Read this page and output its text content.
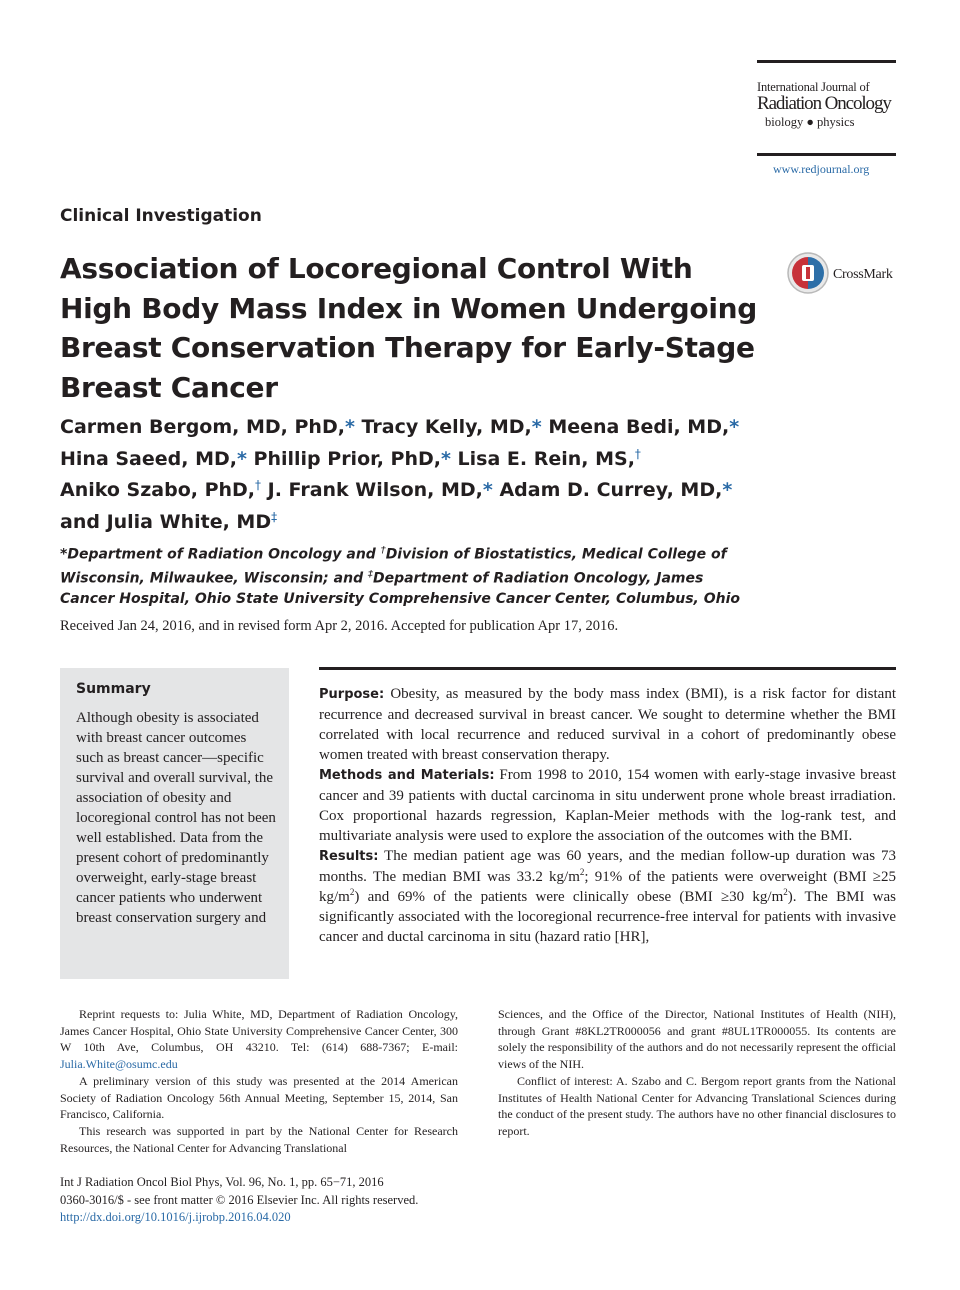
International Journal of
Radiation Oncology
biology ● physics
www.redjournal.org
Clinical Investigation
Association of Locoregional Control With High Body Mass Index in Women Undergoing Breast Conservation Therapy for Early-Stage Breast Cancer
CrossMark

Carmen Bergom, MD, PhD,* Tracy Kelly, MD,* Meena Bedi, MD,*
Hina Saeed, MD,* Phillip Prior, PhD,* Lisa E. Rein, MS,†
Aniko Szabo, PhD,† J. Frank Wilson, MD,* Adam D. Currey, MD,*
and Julia White, MD‡

*Department of Radiation Oncology and †Division of Biostatistics, Medical College of Wisconsin, Milwaukee, Wisconsin; and ‡Department of Radiation Oncology, James Cancer Hospital, Ohio State University Comprehensive Cancer Center, Columbus, Ohio

Received Jan 24, 2016, and in revised form Apr 2, 2016. Accepted for publication Apr 17, 2016.
Summary

Although obesity is associated with breast cancer outcomes such as breast cancer—specific survival and overall survival, the association of obesity and locoregional control has not been well established. Data from the present cohort of predominantly overweight, early-stage breast cancer patients who underwent breast conservation surgery and

Purpose: Obesity, as measured by the body mass index (BMI), is a risk factor for distant recurrence and decreased survival in breast cancer. We sought to determine whether the BMI correlated with local recurrence and reduced survival in a cohort of predominantly obese women treated with breast conservation therapy.

Methods and Materials: From 1998 to 2010, 154 women with early-stage invasive breast cancer and 39 patients with ductal carcinoma in situ underwent prone whole breast irradiation. Cox proportional hazards regression, Kaplan-Meier methods with the log-rank test, and multivariate analysis were used to explore the association of the outcomes with the BMI.

Results: The median patient age was 60 years, and the median follow-up duration was 73 months. The median BMI was 33.2 $kg/m^2$; 91% of the patients were overweight (BMI ≥25 $kg/m^2$) and 69% of the patients were clinically obese (BMI ≥30 $kg/m^2$). The BMI was significantly associated with the locoregional recurrence-free interval for patients with invasive cancer and ductal carcinoma in situ (hazard ratio [HR],

Reprint requests to: Julia White, MD, Department of Radiation Oncology, James Cancer Hospital, Ohio State University Comprehensive Cancer Center, 300 W 10th Ave, Columbus, OH 43210. Tel: (614) 688-7367; E-mail: Julia.White@osumc.edu

A preliminary version of this study was presented at the 2014 American Society of Radiation Oncology 56th Annual Meeting, September 15, 2014, San Francisco, California.

This research was supported in part by the National Center for Research Resources, the National Center for Advancing Translational

Sciences, and the Office of the Director, National Institutes of Health (NIH), through Grant #8KL2TR000056 and grant #8UL1TR000055. Its contents are solely the responsibility of the authors and do not necessarily represent the official views of the NIH.

Conflict of interest: A. Szabo and C. Bergom report grants from the National Institutes of Health National Center for Advancing Translational Sciences during the conduct of the present study. The authors have no other financial disclosures to report.

Int J Radiation Oncol Biol Phys, Vol. 96, No. 1, pp. 65−71, 2016
0360-3016/$ - see front matter © 2016 Elsevier Inc. All rights reserved.
http://dx.doi.org/10.1016/j.ijrobp.2016.04.020
